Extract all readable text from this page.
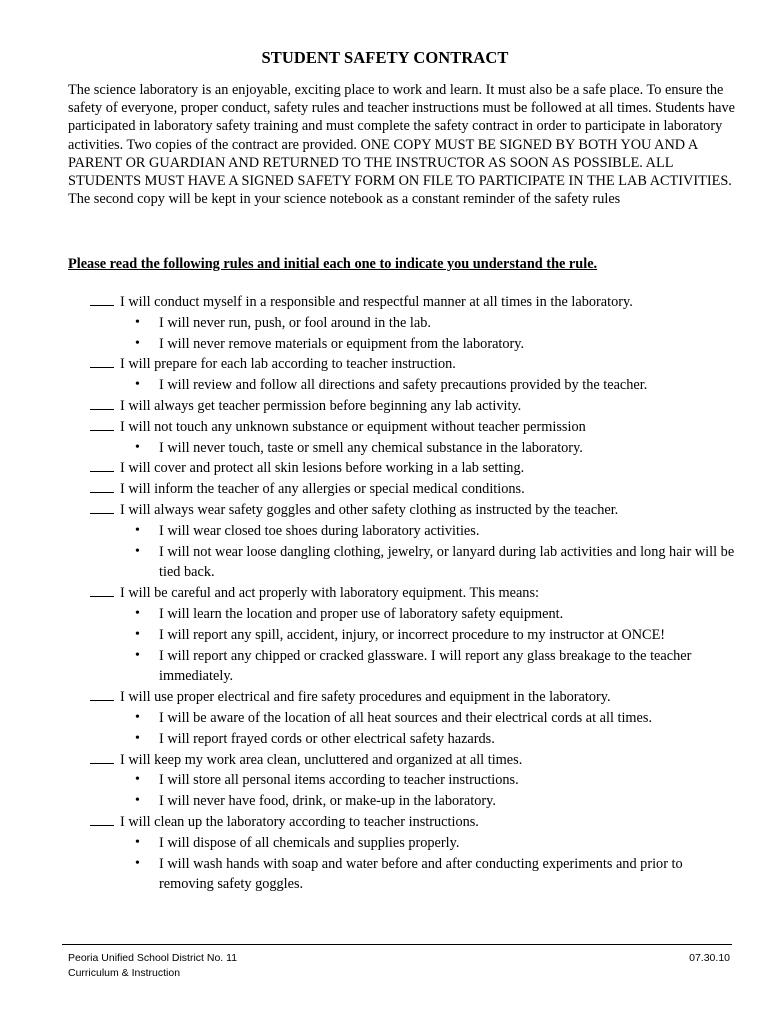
STUDENT SAFETY CONTRACT
The science laboratory is an enjoyable, exciting place to work and learn. It must also be a safe place. To ensure the safety of everyone, proper conduct, safety rules and teacher instructions must be followed at all times. Students have participated in laboratory safety training and must complete the safety contract in order to participate in laboratory activities. Two copies of the contract are provided. ONE COPY MUST BE SIGNED BY BOTH YOU AND A PARENT OR GUARDIAN AND RETURNED TO THE INSTRUCTOR AS SOON AS POSSIBLE. ALL STUDENTS MUST HAVE A SIGNED SAFETY FORM ON FILE TO PARTICIPATE IN THE LAB ACTIVITIES. The second copy will be kept in your science notebook as a constant reminder of the safety rules
Please read the following rules and initial each one to indicate you understand the rule.
I will conduct myself in a responsible and respectful manner at all times in the laboratory.
• I will never run, push, or fool around in the lab.
• I will never remove materials or equipment from the laboratory.
I will prepare for each lab according to teacher instruction.
• I will review and follow all directions and safety precautions provided by the teacher.
I will always get teacher permission before beginning any lab activity.
I will not touch any unknown substance or equipment without teacher permission
• I will never touch, taste or smell any chemical substance in the laboratory.
I will cover and protect all skin lesions before working in a lab setting.
I will inform the teacher of any allergies or special medical conditions.
I will always wear safety goggles and other safety clothing as instructed by the teacher.
• I will wear closed toe shoes during laboratory activities.
• I will not wear loose dangling clothing, jewelry, or lanyard during lab activities and long hair will be tied back.
I will be careful and act properly with laboratory equipment. This means:
• I will learn the location and proper use of laboratory safety equipment.
• I will report any spill, accident, injury, or incorrect procedure to my instructor at ONCE!
• I will report any chipped or cracked glassware. I will report any glass breakage to the teacher immediately.
I will use proper electrical and fire safety procedures and equipment in the laboratory.
• I will be aware of the location of all heat sources and their electrical cords at all times.
• I will report frayed cords or other electrical safety hazards.
I will keep my work area clean, uncluttered and organized at all times.
• I will store all personal items according to teacher instructions.
• I will never have food, drink, or make-up in the laboratory.
I will clean up the laboratory according to teacher instructions.
• I will dispose of all chemicals and supplies properly.
• I will wash hands with soap and water before and after conducting experiments and prior to removing safety goggles.
Peoria Unified School District No. 11
Curriculum & Instruction
07.30.10
